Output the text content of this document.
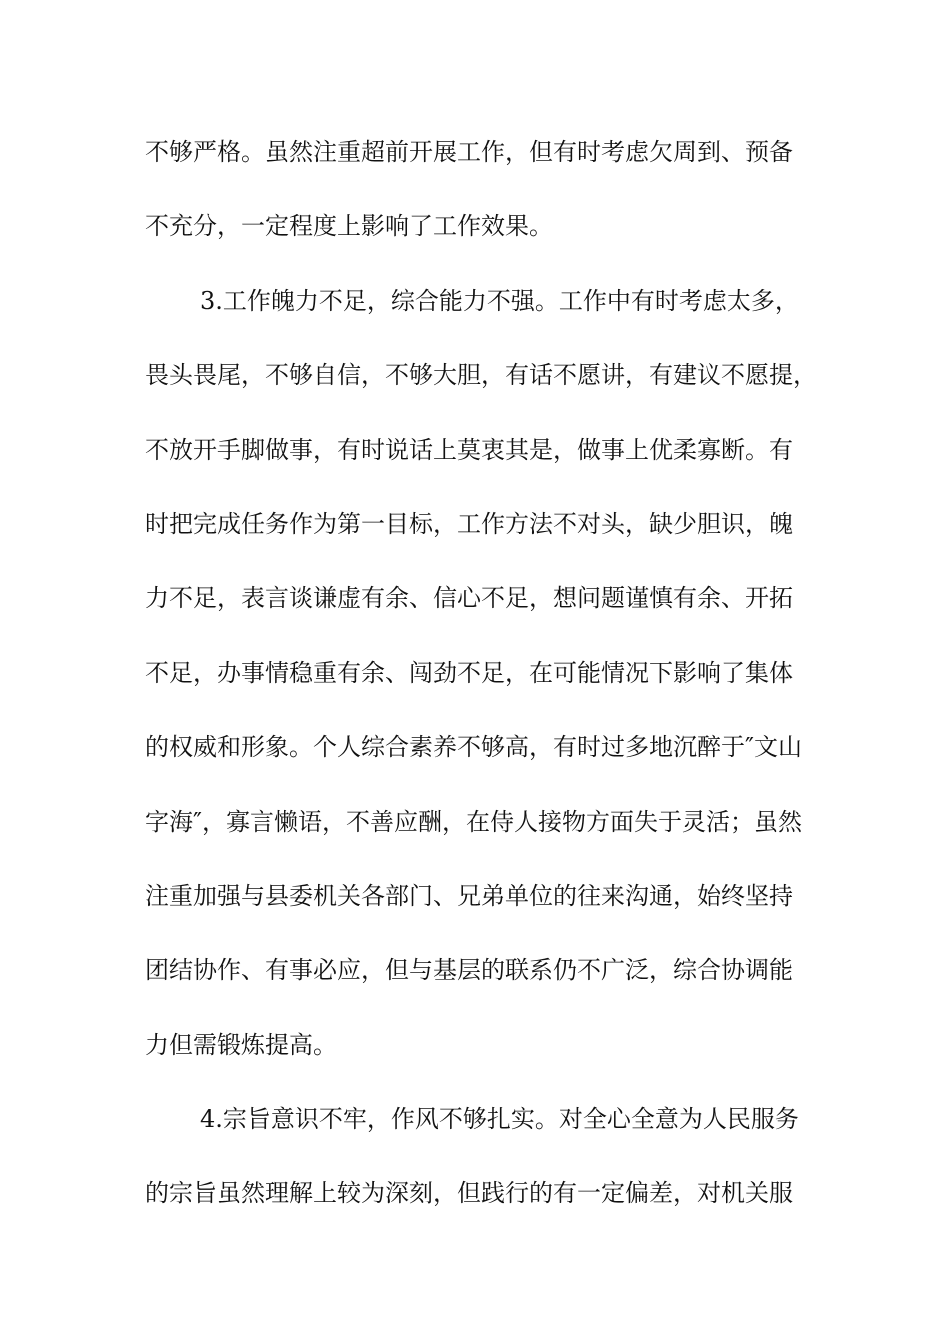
不够严格。虽然注重超前开展工作，但有时考虑欠周到、预备
不充分，一定程度上影响了工作效果。
3.工作魄力不足，综合能力不强。工作中有时考虑太多，
畏头畏尾，不够自信，不够大胆，有话不愿讲，有建议不愿提，
不放开手脚做事，有时说话上莫衷其是，做事上优柔寡断。有
时把完成任务作为第一目标，工作方法不对头，缺少胆识，魄
力不足，表言谈谦虚有余、信心不足，想问题谨慎有余、开拓
不足，办事情稳重有余、闯劲不足，在可能情况下影响了集体
的权威和形象。个人综合素养不够高，有时过多地沉醉于″文山
字海″，寡言懒语，不善应酬，在侍人接物方面失于灵活；虽然
注重加强与县委机关各部门、兄弟单位的往来沟通，始终坚持
团结协作、有事必应，但与基层的联系仍不广泛，综合协调能
力但需锻炼提高。
4.宗旨意识不牢，作风不够扎实。对全心全意为人民服务
的宗旨虽然理解上较为深刻，但践行的有一定偏差，对机关服
